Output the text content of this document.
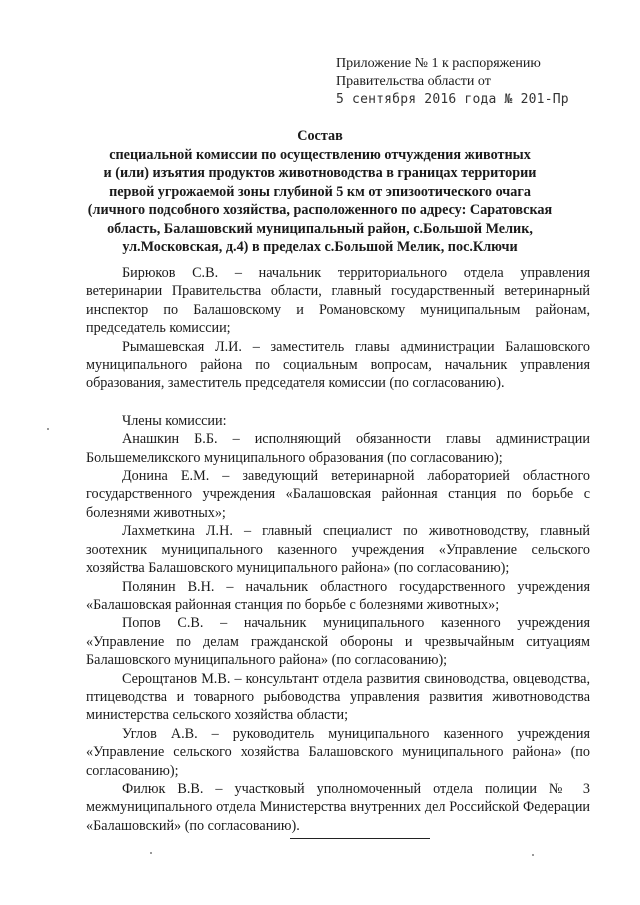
Приложение № 1 к распоряжению
Правительства области от
5 сентября 2016 года № 201-Пр
Состав
специальной комиссии по осуществлению отчуждения животных
и (или) изъятия продуктов животноводства в границах территории
первой угрожаемой зоны глубиной 5 км от эпизоотического очага
(личного подсобного хозяйства, расположенного по адресу: Саратовская
область, Балашовский муниципальный район, с.Большой Мелик,
ул.Московская, д.4) в пределах с.Большой Мелик, пос.Ключи

Бирюков С.В. – начальник территориального отдела управления ветеринарии Правительства области, главный государственный ветеринарный инспектор по Балашовскому и Романовскому муниципальным районам, председатель комиссии;

Рымашевская Л.И. – заместитель главы администрации Балашовского муниципального района по социальным вопросам, начальник управления образования, заместитель председателя комиссии (по согласованию).

Члены комиссии:

Анашкин Б.Б. – исполняющий обязанности главы администрации Большемеликского муниципального образования (по согласованию);

Донина Е.М. – заведующий ветеринарной лабораторией областного государственного учреждения «Балашовская районная станция по борьбе с болезнями животных»;

Лахметкина Л.Н. – главный специалист по животноводству, главный зоотехник муниципального казенного учреждения «Управление сельского хозяйства Балашовского муниципального района» (по согласованию);

Полянин В.Н. – начальник областного государственного учреждения «Балашовская районная станция по борьбе с болезнями животных»;

Попов С.В. – начальник муниципального казенного учреждения «Управление по делам гражданской обороны и чрезвычайным ситуациям Балашовского муниципального района» (по согласованию);

Серощтанов М.В. – консультант отдела развития свиноводства, овцеводства, птицеводства и товарного рыбоводства управления развития животноводства министерства сельского хозяйства области;

Углов А.В. – руководитель муниципального казенного учреждения «Управление сельского хозяйства Балашовского муниципального района» (по согласованию);

Филюк В.В. – участковый уполномоченный отдела полиции № 3 межмуниципального отдела Министерства внутренних дел Российской Федерации «Балашовский» (по согласованию).
